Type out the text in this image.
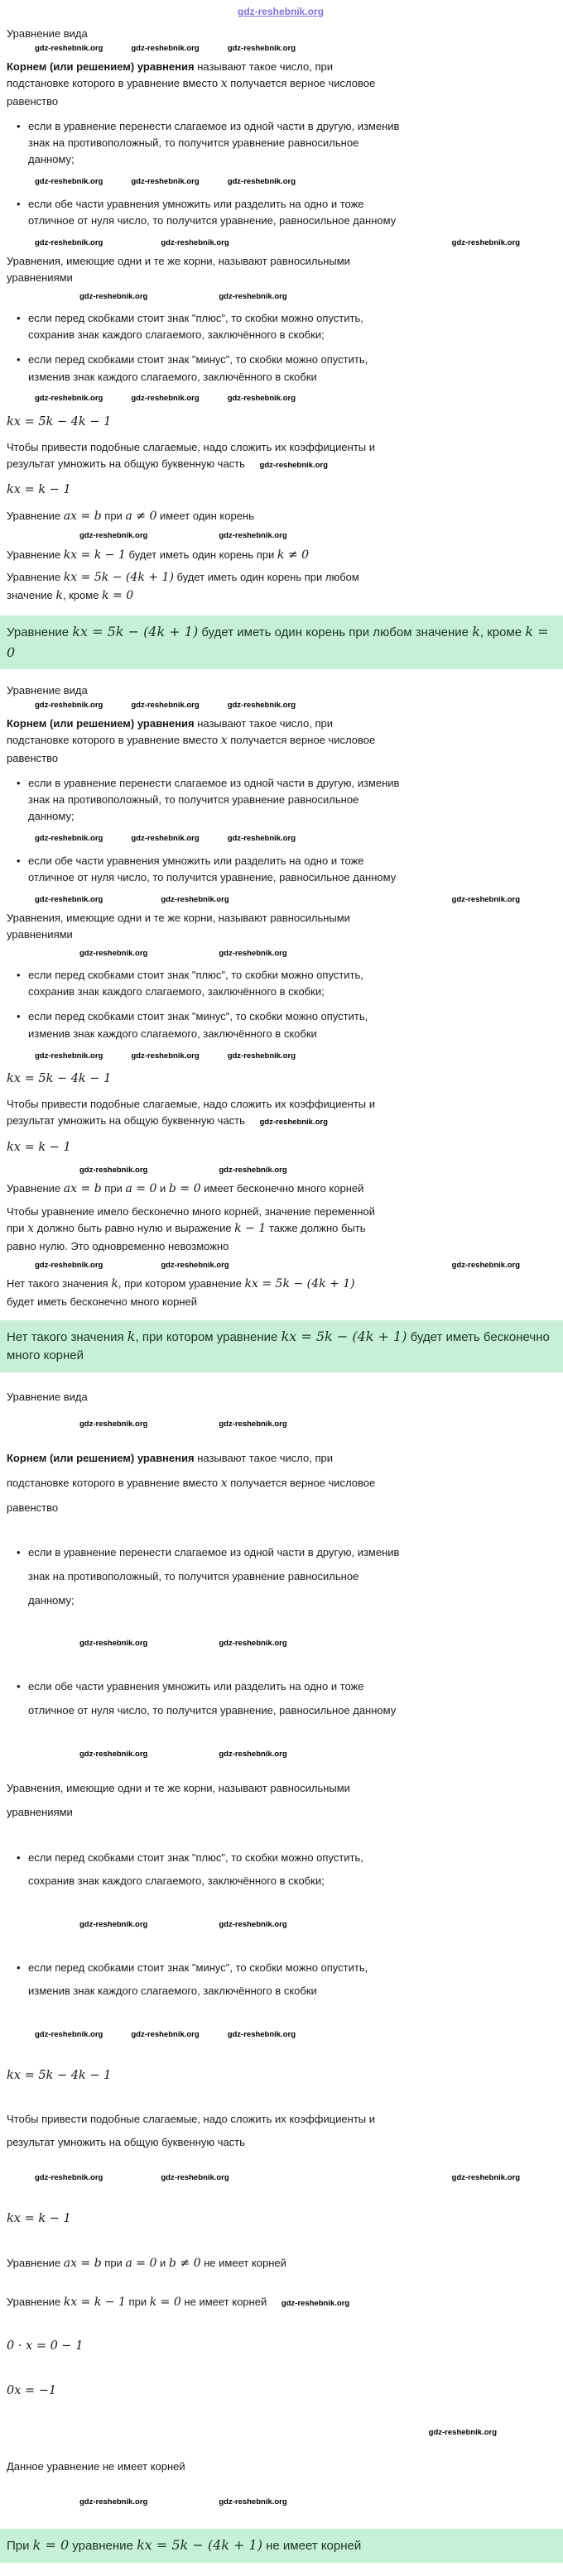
gdz-reshebnik.org

Уравнение вида

gdz-reshebnik.org	gdz-reshebnik.org	gdz-reshebnik.org

Корнем (или решением) уравнения называют такое число, при подстановке которого в уравнение вместо x получается верное числовое равенство

• если в уравнение перенести слагаемое из одной части в другую, изменив знак на противоположный, то получится уравнение равносильное данному;
gdz-reshebnik.org	gdz-reshebnik.org	gdz-reshebnik.org
• если обе части уравнения умножить или разделить на одно и тоже отличное от нуля число, то получится уравнение, равносильное данному
gdz-reshebnik.org	gdz-reshebnik.org	gdz-reshebnik.org

Уравнения, имеющие одни и те же корни, называют равносильными уравнениями

gdz-reshebnik.org	gdz-reshebnik.org
• если перед скобками стоит знак "плюс", то скобки можно опустить, сохранив знак каждого слагаемого, заключённого в скобки;
• если перед скобками стоит знак "минус", то скобки можно опустить, изменив знак каждого слагаемого, заключённого в скобки
gdz-reshebnik.org	gdz-reshebnik.org	gdz-reshebnik.org

kx = 5k − 4k − 1

Чтобы привести подобные слагаемые, надо сложить их коэффициенты и результат умножить на общую буквенную часть gdz-reshebnik.org

kx = k − 1

Уравнение ax = b при a ≠ 0 имеет один корень

gdz-reshebnik.org	gdz-reshebnik.org

Уравнение kx = k − 1 будет иметь один корень при k ≠ 0

Уравнение kx = 5k − (4k + 1) будет иметь один корень при любом значение k, кроме k = 0

Уравнение kx = 5k − (4k + 1) будет иметь один корень при любом значение k, кроме k = 0

Уравнение вида

gdz-reshebnik.org	gdz-reshebnik.org	gdz-reshebnik.org

Корнем (или решением) уравнения называют такое число, при подстановке которого в уравнение вместо x получается верное числовое равенство

• если в уравнение перенести слагаемое из одной части в другую, изменив знак на противоположный, то получится уравнение равносильное данному;
gdz-reshebnik.org	gdz-reshebnik.org	gdz-reshebnik.org
• если обе части уравнения умножить или разделить на одно и тоже отличное от нуля число, то получится уравнение, равносильное данному
gdz-reshebnik.org	gdz-reshebnik.org	gdz-reshebnik.org

Уравнения, имеющие одни и те же корни, называют равносильными уравнениями

gdz-reshebnik.org	gdz-reshebnik.org
• если перед скобками стоит знак "плюс", то скобки можно опустить, сохранив знак каждого слагаемого, заключённого в скобки;
• если перед скобками стоит знак "минус", то скобки можно опустить, изменив знак каждого слагаемого, заключённого в скобки
gdz-reshebnik.org	gdz-reshebnik.org	gdz-reshebnik.org

kx = 5k − 4k − 1

Чтобы привести подобные слагаемые, надо сложить их коэффициенты и результат умножить на общую буквенную часть gdz-reshebnik.org

kx = k − 1

gdz-reshebnik.org	gdz-reshebnik.org

Уравнение ax = b при a = 0 и b = 0 имеет бесконечно много корней

Чтобы уравнение имело бесконечно много корней, значение переменной при x должно быть равно нулю и выражение k − 1 также должно быть равно нулю. Это одновременно невозможно

gdz-reshebnik.org	gdz-reshebnik.org	gdz-reshebnik.org

Нет такого значения k, при котором уравнение kx = 5k − (4k + 1) будет иметь бесконечно много корней

Нет такого значения k, при котором уравнение kx = 5k − (4k + 1) будет иметь бесконечно много корней

Уравнение вида

gdz-reshebnik.org	gdz-reshebnik.org

Корнем (или решением) уравнения называют такое число, при подстановке которого в уравнение вместо x получается верное числовое равенство

• если в уравнение перенести слагаемое из одной части в другую, изменив знак на противоположный, то получится уравнение равносильное данному;
gdz-reshebnik.org	gdz-reshebnik.org
• если обе части уравнения умножить или разделить на одно и тоже отличное от нуля число, то получится уравнение, равносильное данному
gdz-reshebnik.org	gdz-reshebnik.org

Уравнения, имеющие одни и те же корни, называют равносильными уравнениями

• если перед скобками стоит знак "плюс", то скобки можно опустить, сохранив знак каждого слагаемого, заключённого в скобки;
gdz-reshebnik.org	gdz-reshebnik.org
• если перед скобками стоит знак "минус", то скобки можно опустить, изменив знак каждого слагаемого, заключённого в скобки
gdz-reshebnik.org	gdz-reshebnik.org	gdz-reshebnik.org

kx = 5k − 4k − 1

Чтобы привести подобные слагаемые, надо сложить их коэффициенты и результат умножить на общую буквенную часть

gdz-reshebnik.org	gdz-reshebnik.org	gdz-reshebnik.org

kx = k − 1

Уравнение ax = b при a = 0 и b ≠ 0 не имеет корней

Уравнение kx = k − 1 при k = 0 не имеет корней gdz-reshebnik.org

0 · x = 0 − 1

0x = −1

gdz-reshebnik.org

Данное уравнение не имеет корней

gdz-reshebnik.org	gdz-reshebnik.org
При k = 0 уравнение kx = 5k − (4k + 1) не имеет корней
